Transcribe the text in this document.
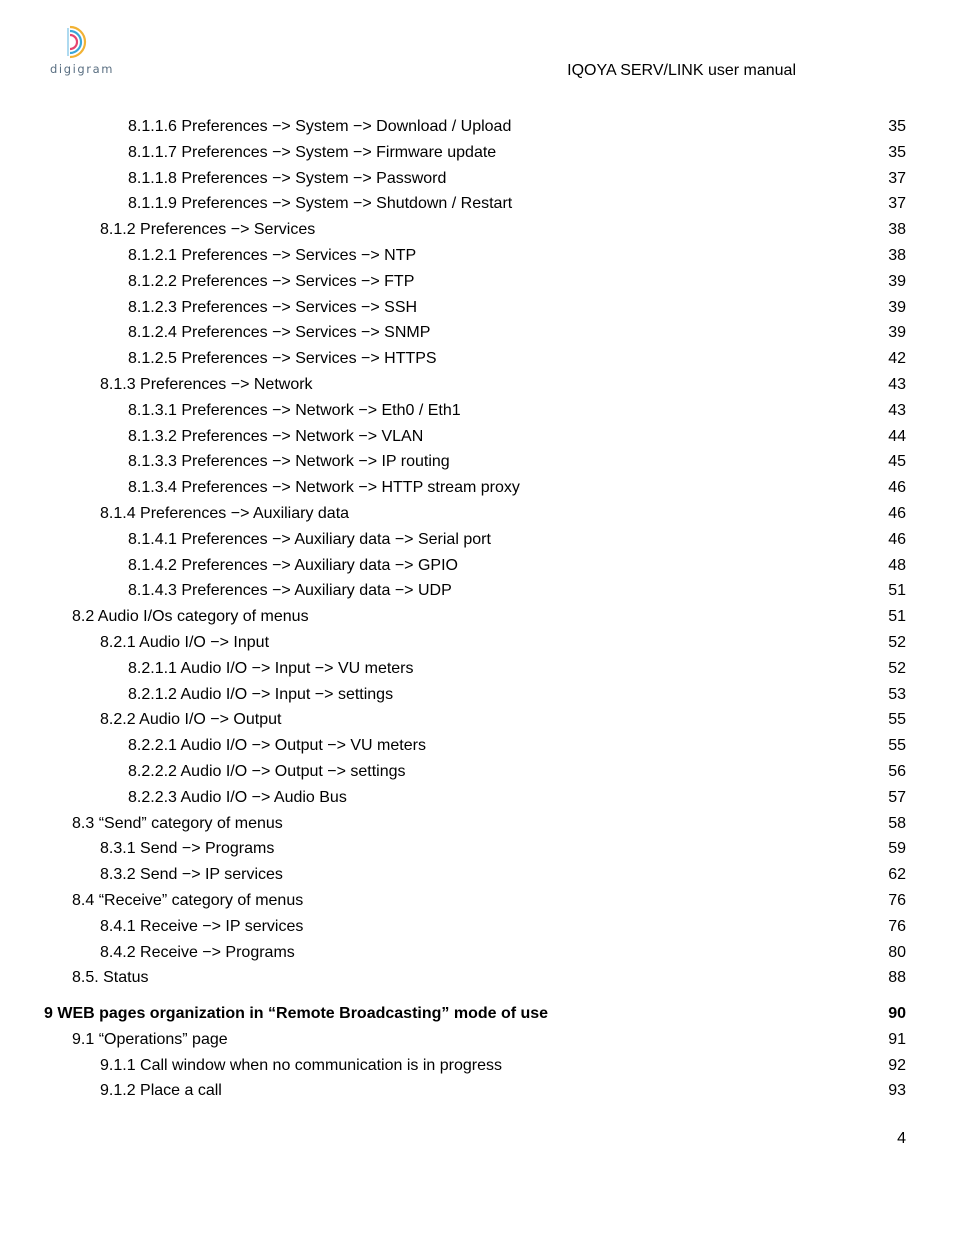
digigram	IQOYA SERV/LINK user manual
8.1.1.6 Preferences −> System −> Download / Upload	35
8.1.1.7 Preferences −> System −> Firmware update	35
8.1.1.8 Preferences −> System −> Password	37
8.1.1.9 Preferences −> System −> Shutdown / Restart	37
8.1.2 Preferences −> Services	38
8.1.2.1 Preferences −> Services −> NTP	38
8.1.2.2 Preferences −> Services −> FTP	39
8.1.2.3 Preferences −> Services −> SSH	39
8.1.2.4 Preferences −> Services −> SNMP	39
8.1.2.5 Preferences −> Services −> HTTPS	42
8.1.3 Preferences −> Network	43
8.1.3.1 Preferences −> Network −> Eth0 / Eth1	43
8.1.3.2 Preferences −> Network −> VLAN	44
8.1.3.3 Preferences −> Network −> IP routing	45
8.1.3.4 Preferences −> Network −> HTTP stream proxy	46
8.1.4 Preferences −> Auxiliary data	46
8.1.4.1 Preferences −> Auxiliary data −> Serial port	46
8.1.4.2 Preferences −> Auxiliary data −> GPIO	48
8.1.4.3 Preferences −> Auxiliary data −> UDP	51
8.2 Audio I/Os category of menus	51
8.2.1 Audio I/O −> Input	52
8.2.1.1 Audio I/O −> Input −> VU meters	52
8.2.1.2 Audio I/O −> Input −> settings	53
8.2.2 Audio I/O −> Output	55
8.2.2.1 Audio I/O −> Output −> VU meters	55
8.2.2.2 Audio I/O −> Output −> settings	56
8.2.2.3 Audio I/O −> Audio Bus	57
8.3 “Send” category of menus	58
8.3.1 Send −> Programs	59
8.3.2 Send −> IP services	62
8.4 “Receive” category of menus	76
8.4.1 Receive −> IP services	76
8.4.2 Receive −> Programs	80
8.5. Status	88
9 WEB pages organization in “Remote Broadcasting” mode of use	90
9.1 “Operations” page	91
9.1.1 Call window when no communication is in progress	92
9.1.2 Place a call	93
4
